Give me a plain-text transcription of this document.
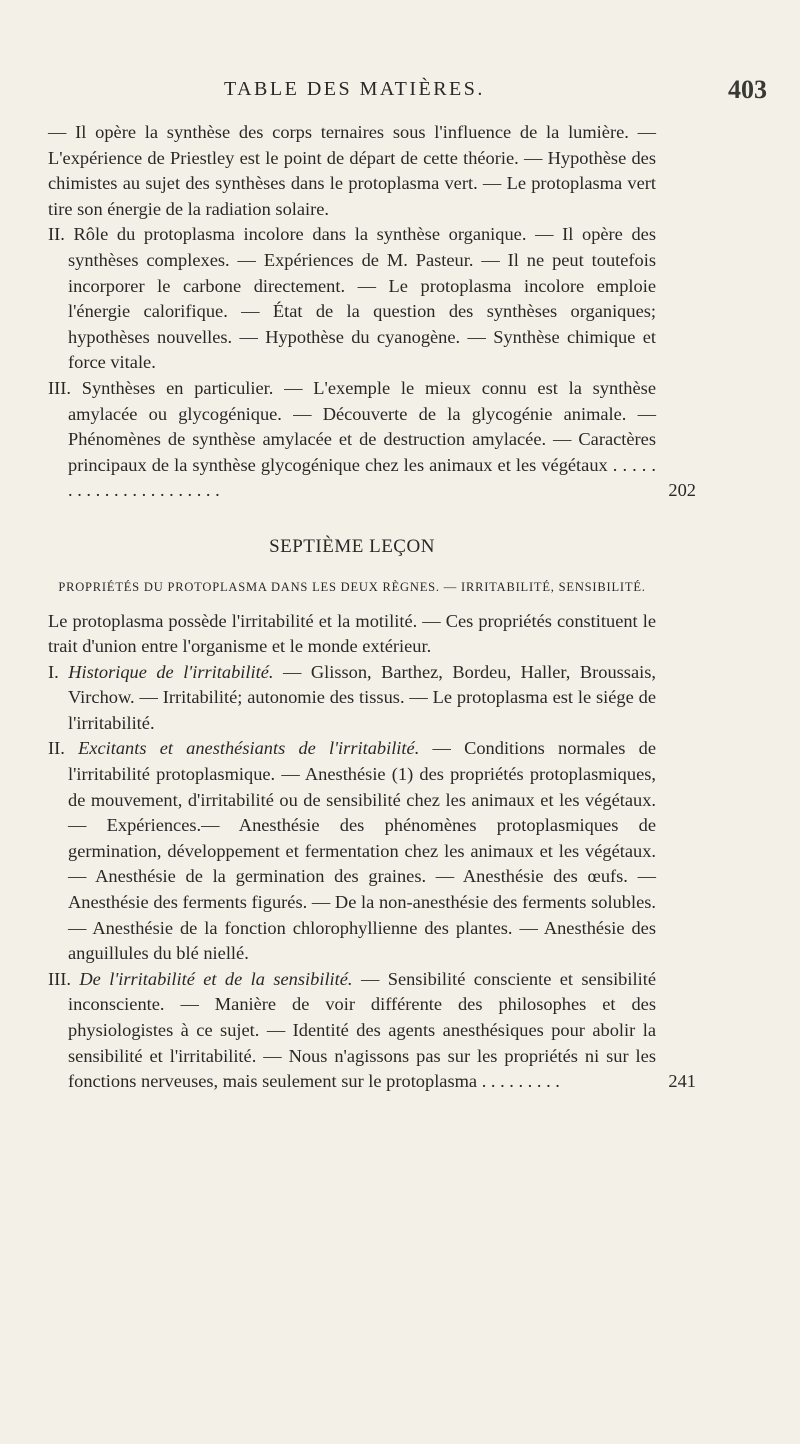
TABLE DES MATIÈRES.	403

— Il opère la synthèse des corps ternaires sous l'influence de la lumière. — L'expérience de Priestley est le point de départ de cette théorie. — Hypothèse des chimistes au sujet des synthèses dans le protoplasma vert. — Le protoplasma vert tire son énergie de la radiation solaire.

II. Rôle du protoplasma incolore dans la synthèse organique. — Il opère des synthèses complexes. — Expériences de M. Pasteur. — Il ne peut toutefois incorporer le carbone directement. — Le protoplasma incolore emploie l'énergie calorifique. — État de la question des synthèses organiques; hypothèses nouvelles. — Hypothèse du cyanogène. — Synthèse chimique et force vitale.

III. Synthèses en particulier. — L'exemple le mieux connu est la synthèse amylacée ou glycogénique. — Découverte de la glycogénie animale. — Phénomènes de synthèse amylacée et de destruction amylacée. — Caractères principaux de la synthèse glycogénique chez les animaux et les végétaux . . . . . . . . . . . . . . . . . . . . . .	202

SEPTIÈME LEÇON
PROPRIÉTÉS DU PROTOPLASMA DANS LES DEUX RÈGNES. — IRRITABILITÉ, SENSIBILITÉ.

Le protoplasma possède l'irritabilité et la motilité. — Ces propriétés constituent le trait d'union entre l'organisme et le monde extérieur.

I. Historique de l'irritabilité. — Glisson, Barthez, Bordeu, Haller, Broussais, Virchow. — Irritabilité; autonomie des tissus. — Le protoplasma est le siége de l'irritabilité.

II. Excitants et anesthésiants de l'irritabilité. — Conditions normales de l'irritabilité protoplasmique. — Anesthésie (1) des propriétés protoplasmiques, de mouvement, d'irritabilité ou de sensibilité chez les animaux et les végétaux. — Expériences.— Anesthésie des phénomènes protoplasmiques de germination, développement et fermentation chez les animaux et les végétaux. — Anesthésie de la germination des graines. — Anesthésie des œufs. — Anesthésie des ferments figurés. — De la non-anesthésie des ferments solubles. — Anesthésie de la fonction chlorophyllienne des plantes. — Anesthésie des anguillules du blé niellé.

III. De l'irritabilité et de la sensibilité. — Sensibilité consciente et sensibilité inconsciente. — Manière de voir différente des philosophes et des physiologistes à ce sujet. — Identité des agents anesthésiques pour abolir la sensibilité et l'irritabilité. — Nous n'agissons pas sur les propriétés ni sur les fonctions nerveuses, mais seulement sur le protoplasma . . . . . . . . .	241
